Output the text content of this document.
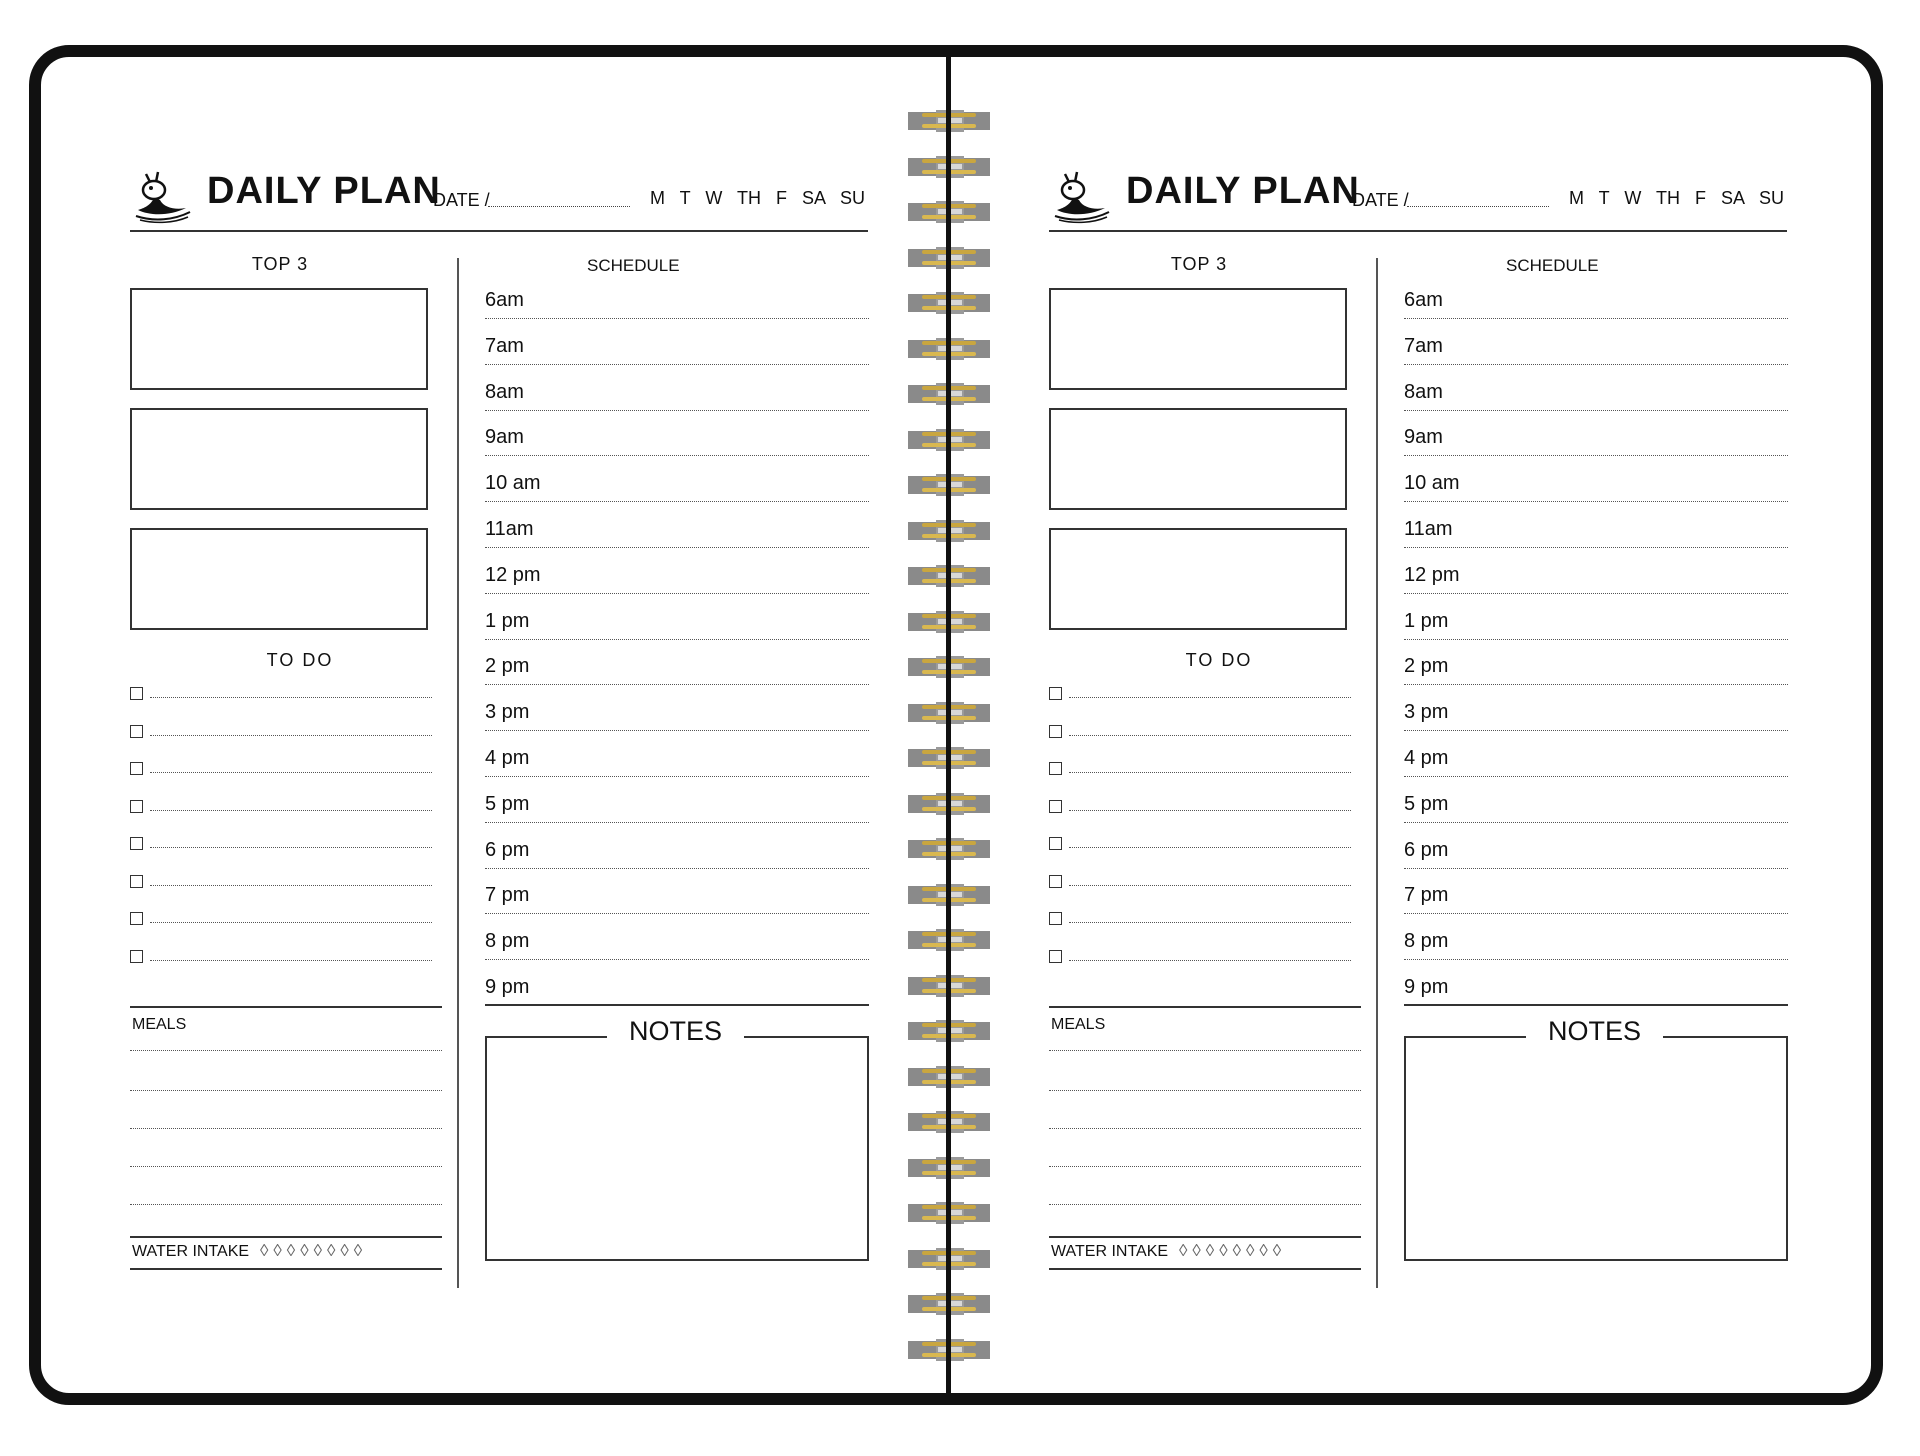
DAILY PLAN
DATE /	M T W TH F SA SU
TOP 3
TO DO
MEALS
WATER INTAKE ◊◊◊◊◊◊◊◊
SCHEDULE
6am
7am
8am
9am
10 am
11am
12 pm
1 pm
2 pm
3 pm
4 pm
5 pm
6 pm
7 pm
8 pm
9 pm
NOTES
DAILY PLAN
DATE /	M T W TH F SA SU
TOP 3
TO DO
MEALS
WATER INTAKE ◊◊◊◊◊◊◊◊
SCHEDULE
6am
7am
8am
9am
10 am
11am
12 pm
1 pm
2 pm
3 pm
4 pm
5 pm
6 pm
7 pm
8 pm
9 pm
NOTES
